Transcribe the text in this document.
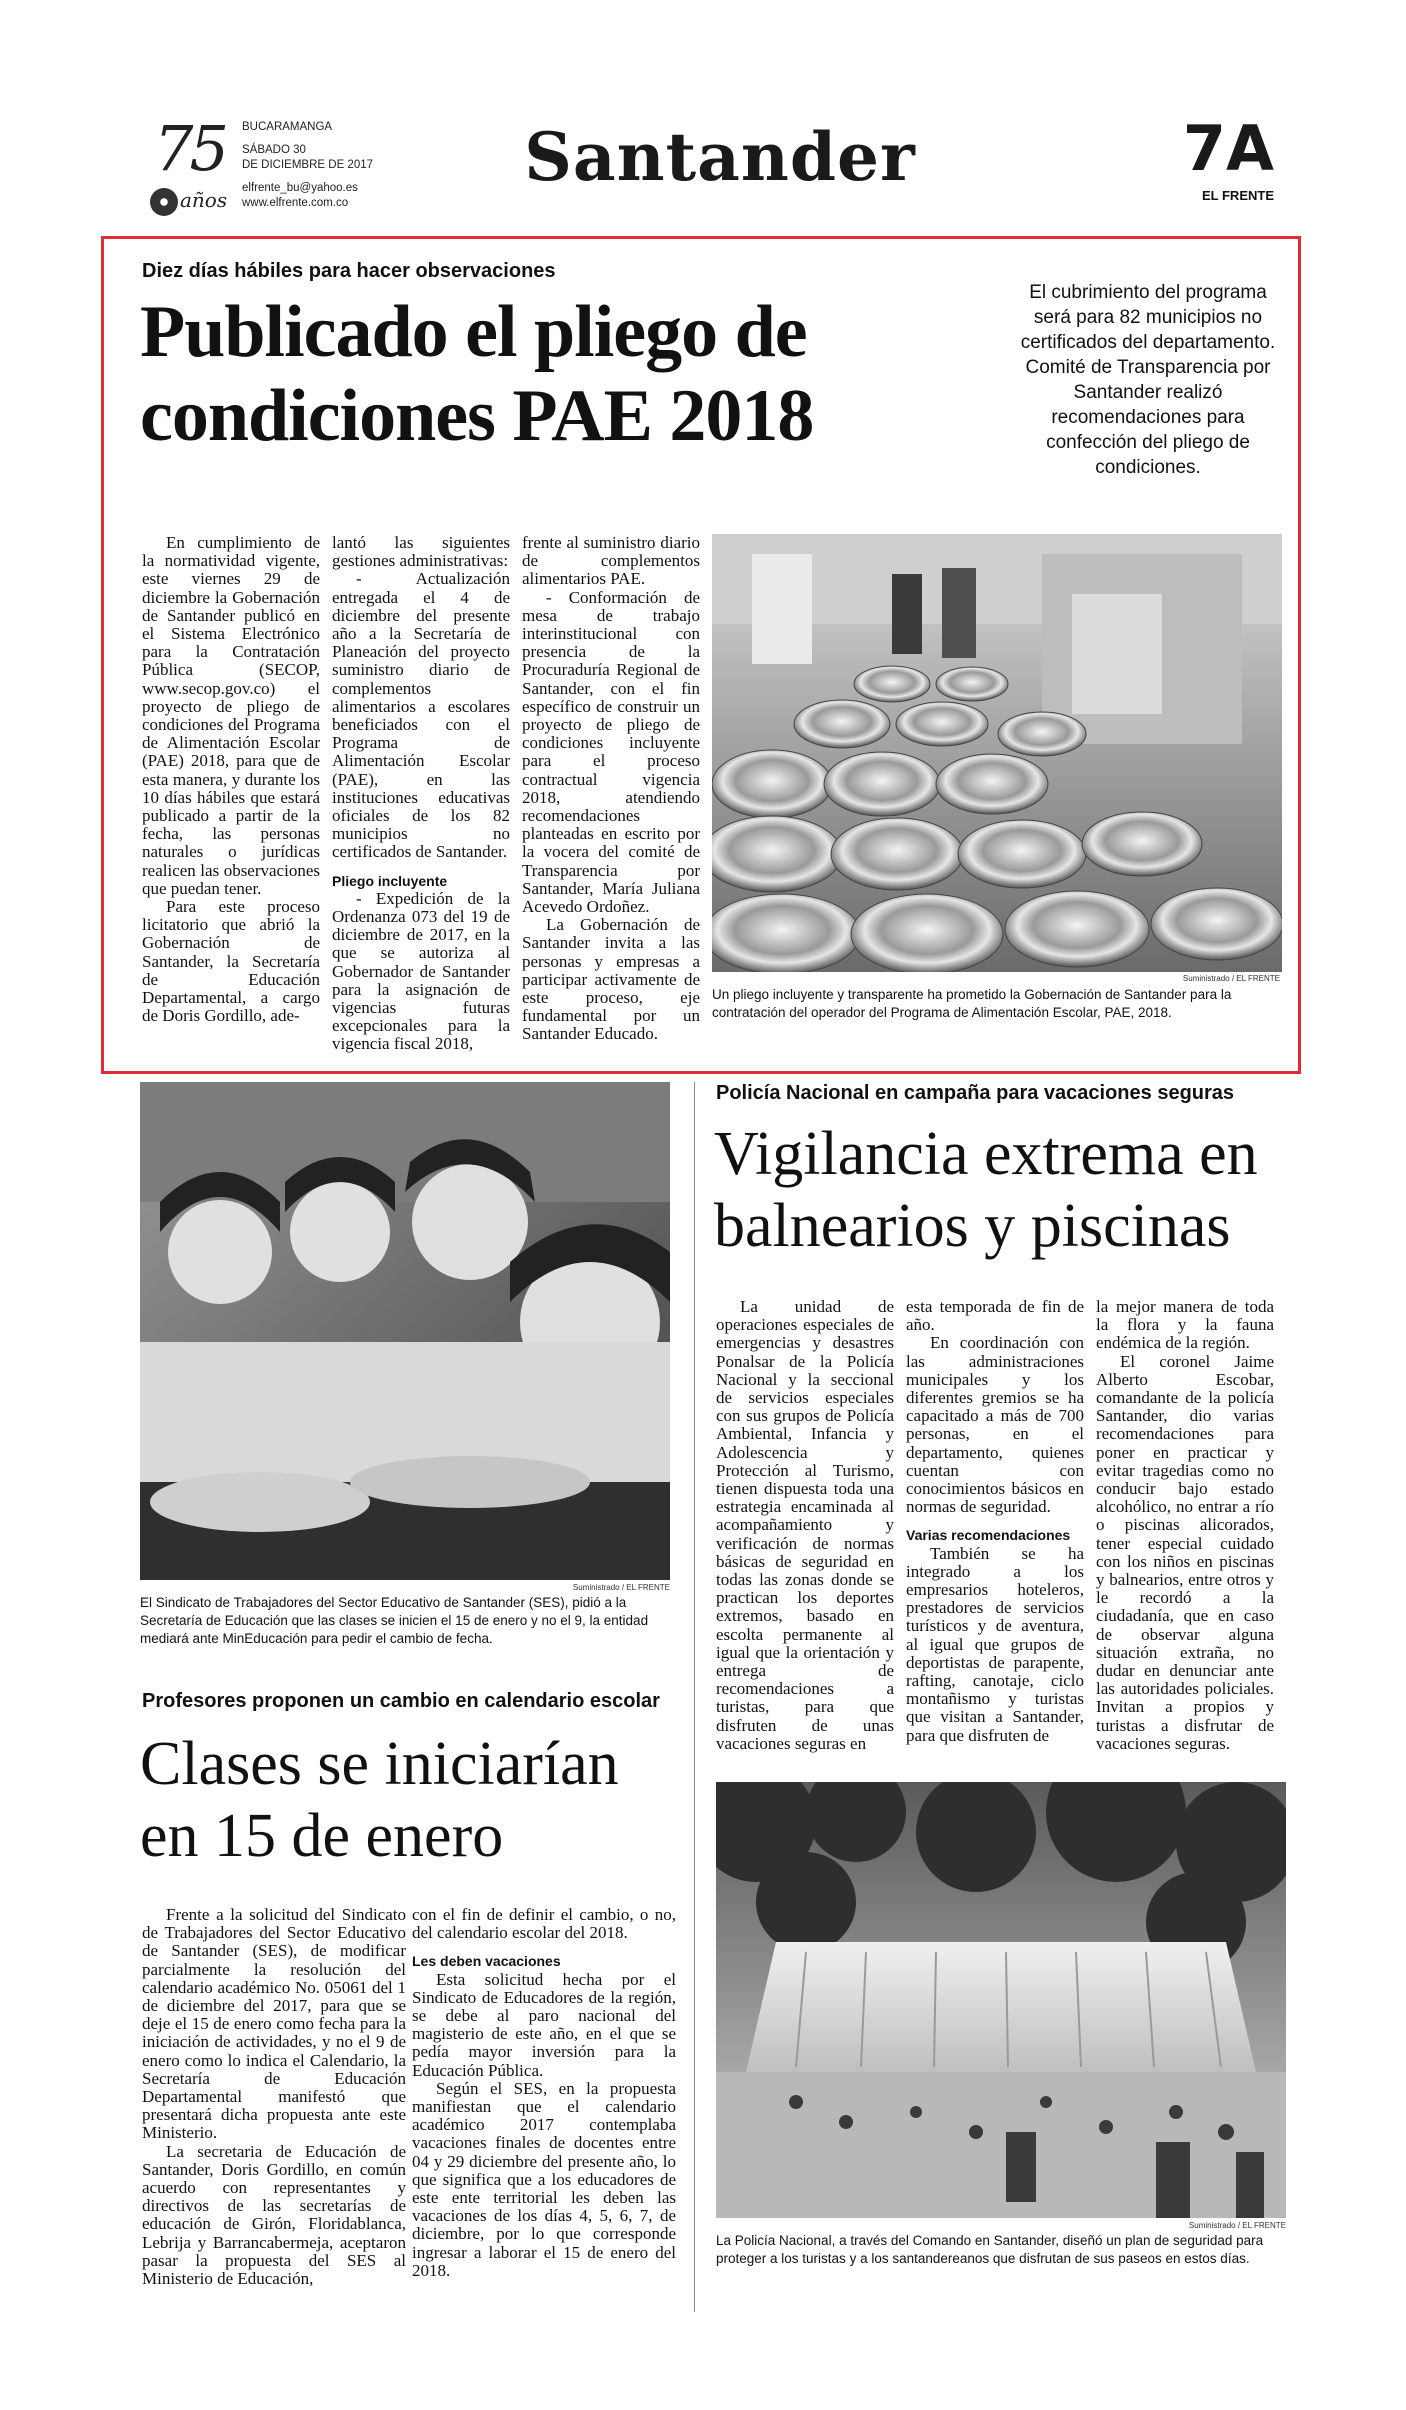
75
años
BUCARAMANGA
SÁBADO 30
DE DICIEMBRE DE 2017
elfrente_bu@yahoo.es
www.elfrente.com.co
Santander	7A
EL FRENTE
Diez días hábiles para hacer observaciones
Publicado el pliego de
condiciones PAE 2018
El cubrimiento del programa será para 82 municipios no certificados del departamento. Comité de Transparencia por Santander realizó recomendaciones para confección del pliego de condiciones.

En cumplimiento de la normatividad vigente, este viernes 29 de diciembre la Gobernación de Santander publicó en el Sistema Electrónico para la Contratación Pública (SECOP, www.secop.gov.co) el proyecto de pliego de condiciones del Programa de Alimentación Escolar (PAE) 2018, para que de esta manera, y durante los 10 días hábiles que estará publicado a partir de la fecha, las personas naturales o jurídicas realicen las observaciones que puedan tener.

Para este proceso licitatorio que abrió la Gobernación de Santander, la Secretaría de Educación Departamental, a cargo de Doris Gordillo, ade-

lantó las siguientes gestiones administrativas:

- Actualización entregada el 4 de diciembre del presente año a la Secretaría de Planeación del proyecto suministro diario de complementos alimentarios a escolares beneficiados con el Programa de Alimentación Escolar (PAE), en las instituciones educativas oficiales de los 82 municipios no certificados de Santander.

Pliego incluyente

- Expedición de la Ordenanza 073 del 19 de diciembre de 2017, en la que se autoriza al Gobernador de Santander para la asignación de vigencias futuras excepcionales para la vigencia fiscal 2018,

frente al suministro diario de complementos alimentarios PAE.

- Conformación de mesa de trabajo interinstitucional con presencia de la Procuraduría Regional de Santander, con el fin específico de construir un proyecto de pliego de condiciones incluyente para el proceso contractual vigencia 2018, atendiendo recomendaciones planteadas en escrito por la vocera del comité de Transparencia por Santander, María Juliana Acevedo Ordoñez.

La Gobernación de Santander invita a las personas y empresas a participar activamente de este proceso, eje fundamental por un Santander Educado.

Suministrado / EL FRENTE
Un pliego incluyente y transparente ha prometido la Gobernación de Santander para la contratación del operador del Programa de Alimentación Escolar, PAE, 2018.
Suministrado / EL FRENTE
El Sindicato de Trabajadores del Sector Educativo de Santander (SES), pidió a la Secretaría de Educación que las clases se inicien el 15 de enero y no el 9, la entidad mediará ante MinEducación para pedir el cambio de fecha.
Profesores proponen un cambio en calendario escolar
Clases se iniciarían
en 15 de enero

Frente a la solicitud del Sindicato de Trabajadores del Sector Educativo de Santander (SES), de modificar parcialmente la resolución del calendario académico No. 05061 del 1 de diciembre del 2017, para que se deje el 15 de enero como fecha para la iniciación de actividades, y no el 9 de enero como lo indica el Calendario, la Secretaría de Educación Departamental manifestó que presentará dicha propuesta ante este Ministerio.

La secretaria de Educación de Santander, Doris Gordillo, en común acuerdo con representantes y directivos de las secretarías de educación de Girón, Floridablanca, Lebrija y Barrancabermeja, aceptaron pasar la propuesta del SES al Ministerio de Educación,

con el fin de definir el cambio, o no, del calendario escolar del 2018.

Les deben vacaciones

Esta solicitud hecha por el Sindicato de Educadores de la región, se debe al paro nacional del magisterio de este año, en el que se pedía mayor inversión para la Educación Pública.

Según el SES, en la propuesta manifiestan que el calendario académico 2017 contemplaba vacaciones finales de docentes entre 04 y 29 diciembre del presente año, lo que significa que a los educadores de este ente territorial les deben las vacaciones de los días 4, 5, 6, 7, de diciembre, por lo que corresponde ingresar a laborar el 15 de enero del 2018.

Policía Nacional en campaña para vacaciones seguras
Vigilancia extrema en
balnearios y piscinas

La unidad de operaciones especiales de emergencias y desastres Ponalsar de la Policía Nacional y la seccional de servicios especiales con sus grupos de Policía Ambiental, Infancia y Adolescencia y Protección al Turismo, tienen dispuesta toda una estrategia encaminada al acompañamiento y verificación de normas básicas de seguridad en todas las zonas donde se practican los deportes extremos, basado en escolta permanente al igual que la orientación y entrega de recomendaciones a turistas, para que disfruten de unas vacaciones seguras en

esta temporada de fin de año.

En coordinación con las administraciones municipales y los diferentes gremios se ha capacitado a más de 700 personas, en el departamento, quienes cuentan con conocimientos básicos en normas de seguridad.

Varias recomendaciones

También se ha integrado a los empresarios hoteleros, prestadores de servicios turísticos y de aventura, al igual que grupos de deportistas de parapente, rafting, canotaje, ciclo montañismo y turistas que visitan a Santander, para que disfruten de

la mejor manera de toda la flora y la fauna endémica de la región.

El coronel Jaime Alberto Escobar, comandante de la policía Santander, dio varias recomendaciones para poner en practicar y evitar tragedias como no conducir bajo estado alcohólico, no entrar a río o piscinas alicorados, tener especial cuidado con los niños en piscinas y balnearios, entre otros y le recordó a la ciudadanía, que en caso de observar alguna situación extraña, no dudar en denunciar ante las autoridades policiales. Invitan a propios y turistas a disfrutar de vacaciones seguras.

Suministrado / EL FRENTE
La Policía Nacional, a través del Comando en Santander, diseñó un plan de seguridad para proteger a los turistas y a los santandereanos que disfrutan de sus paseos en estos días.
